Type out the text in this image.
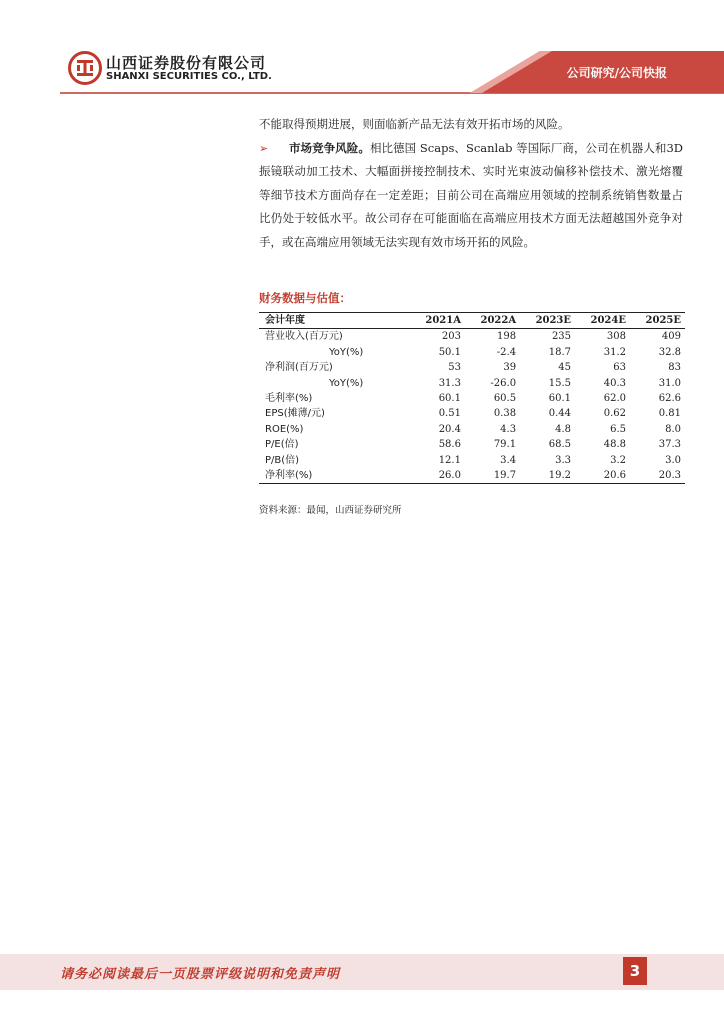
山西证券股份有限公司
SHANXI SECURITIES CO., LTD.	公司研究/公司快报

不能取得预期进展，则面临新产品无法有效开拓市场的风险。

➢	市场竞争风险。相比德国 Scaps、Scanlab 等国际厂商，公司在机器人和3D 振镜联动加工技术、大幅面拼接控制技术、实时光束波动偏移补偿技术、激光熔覆等细节技术方面尚存在一定差距；目前公司在高端应用领域的控制系统销售数量占比仍处于较低水平。故公司存在可能面临在高端应用技术方面无法超越国外竞争对手，或在高端应用领域无法实现有效市场开拓的风险。

财务数据与估值：
会计年度	2021A	2022A	2023E	2024E	2025E
营业收入(百万元)	203	198	235	308	409
YoY(%)	50.1	-2.4	18.7	31.2	32.8
净利润(百万元)	53	39	45	63	83
YoY(%)	31.3	-26.0	15.5	40.3	31.0
毛利率(%)	60.1	60.5	60.1	62.0	62.6
EPS(摊薄/元)	0.51	0.38	0.44	0.62	0.81
ROE(%)	20.4	4.3	4.8	6.5	8.0
P/E(倍)	58.6	79.1	68.5	48.8	37.3
P/B(倍)	12.1	3.4	3.3	3.2	3.0
净利率(%)	26.0	19.7	19.2	20.6	20.3
资料来源：最闻，山西证券研究所
请务必阅读最后一页股票评级说明和免责声明	3
